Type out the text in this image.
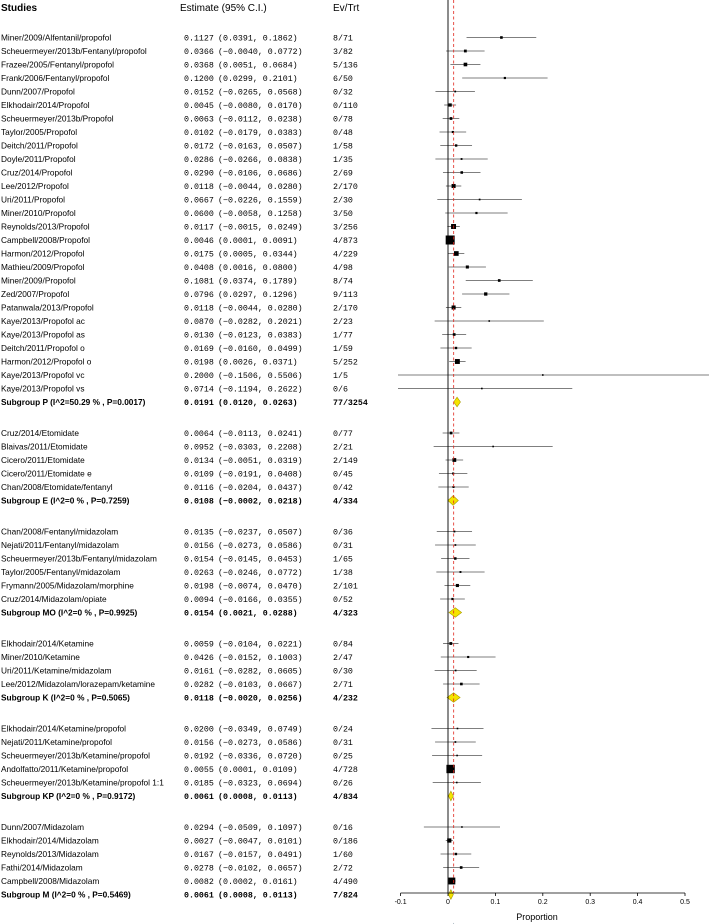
Studies	Estimate (95% C.I.)	Ev/Trt
Miner/2009/Alfentanil/propofol	0.1127 (0.0391, 0.1862)	8/71
Scheuermeyer/2013b/Fentanyl/propofol	0.0366 (−0.0040, 0.0772)	3/82
Frazee/2005/Fentanyl/propofol	0.0368 (0.0051, 0.0684)	5/136
Frank/2006/Fentanyl/propofol	0.1200 (0.0299, 0.2101)	6/50
Dunn/2007/Propofol	0.0152 (−0.0265, 0.0568)	0/32
Elkhodair/2014/Propofol	0.0045 (−0.0080, 0.0170)	0/110
Scheuermeyer/2013b/Propofol	0.0063 (−0.0112, 0.0238)	0/78
Taylor/2005/Propofol	0.0102 (−0.0179, 0.0383)	0/48
Deitch/2011/Propofol	0.0172 (−0.0163, 0.0507)	1/58
Doyle/2011/Propofol	0.0286 (−0.0266, 0.0838)	1/35
Cruz/2014/Propofol	0.0290 (−0.0106, 0.0686)	2/69
Lee/2012/Propofol	0.0118 (−0.0044, 0.0280)	2/170
Uri/2011/Propofol	0.0667 (−0.0226, 0.1559)	2/30
Miner/2010/Propofol	0.0600 (−0.0058, 0.1258)	3/50
Reynolds/2013/Propofol	0.0117 (−0.0015, 0.0249)	3/256
Campbell/2008/Propofol	0.0046 (0.0001, 0.0091)	4/873
Harmon/2012/Propofol	0.0175 (0.0005, 0.0344)	4/229
Mathieu/2009/Propofol	0.0408 (0.0016, 0.0800)	4/98
Miner/2009/Propofol	0.1081 (0.0374, 0.1789)	8/74
Zed/2007/Propofol	0.0796 (0.0297, 0.1296)	9/113
Patanwala/2013/Propofol	0.0118 (−0.0044, 0.0280)	2/170
Kaye/2013/Propofol ac	0.0870 (−0.0282, 0.2021)	2/23
Kaye/2013/Propofol as	0.0130 (−0.0123, 0.0383)	1/77
Deitch/2011/Propofol o	0.0169 (−0.0160, 0.0499)	1/59
Harmon/2012/Propofol o	0.0198 (0.0026, 0.0371)	5/252
Kaye/2013/Propofol vc	0.2000 (−0.1506, 0.5506)	1/5
Kaye/2013/Propofol vs	0.0714 (−0.1194, 0.2622)	0/6
Subgroup P (I^2=50.29 % , P=0.0017)	0.0191 (0.0120, 0.0263)	77/3254
Cruz/2014/Etomidate	0.0064 (−0.0113, 0.0241)	0/77
Blaivas/2011/Etomidate	0.0952 (−0.0303, 0.2208)	2/21
Cicero/2011/Etomidate	0.0134 (−0.0051, 0.0319)	2/149
Cicero/2011/Etomidate e	0.0109 (−0.0191, 0.0408)	0/45
Chan/2008/Etomidate/fentanyl	0.0116 (−0.0204, 0.0437)	0/42
Subgroup E (I^2=0 % , P=0.7259)	0.0108 (−0.0002, 0.0218)	4/334
Chan/2008/Fentanyl/midazolam	0.0135 (−0.0237, 0.0507)	0/36
Nejati/2011/Fentanyl/midazolam	0.0156 (−0.0273, 0.0586)	0/31
Scheuermeyer/2013b/Fentanyl/midazolam	0.0154 (−0.0145, 0.0453)	1/65
Taylor/2005/Fentanyl/midazolam	0.0263 (−0.0246, 0.0772)	1/38
Frymann/2005/Midazolam/morphine	0.0198 (−0.0074, 0.0470)	2/101
Cruz/2014/Midazolam/opiate	0.0094 (−0.0166, 0.0355)	0/52
Subgroup MO (I^2=0 % , P=0.9925)	0.0154 (0.0021, 0.0288)	4/323
Elkhodair/2014/Ketamine	0.0059 (−0.0104, 0.0221)	0/84
Miner/2010/Ketamine	0.0426 (−0.0152, 0.1003)	2/47
Uri/2011/Ketamine/midazolam	0.0161 (−0.0282, 0.0605)	0/30
Lee/2012/Midazolam/lorazepam/ketamine	0.0282 (−0.0103, 0.0667)	2/71
Subgroup K (I^2=0 % , P=0.5065)	0.0118 (−0.0020, 0.0256)	4/232
Elkhodair/2014/Ketamine/propofol	0.0200 (−0.0349, 0.0749)	0/24
Nejati/2011/Ketamine/propofol	0.0156 (−0.0273, 0.0586)	0/31
Scheuermeyer/2013b/Ketamine/propofol	0.0192 (−0.0336, 0.0720)	0/25
Andolfatto/2011/Ketamine/propofol	0.0055 (0.0001, 0.0109)	4/728
Scheuermeyer/2013b/Ketamine/propofol 1:1 0.0185 (−0.0323, 0.0694)	0/26
Subgroup KP (I^2=0 % , P=0.9172)	0.0061 (0.0008, 0.0113)	4/834
Dunn/2007/Midazolam	0.0294 (−0.0509, 0.1097)	0/16
Elkhodair/2014/Midazolam	0.0027 (−0.0047, 0.0101)	0/186
Reynolds/2013/Midazolam	0.0167 (−0.0157, 0.0491)	1/60
Fathi/2014/Midazolam	0.0278 (−0.0102, 0.0657)	2/72
Campbell/2008/Midazolam	0.0082 (0.0002, 0.0161)	4/490
Subgroup M (I^2=0 % , P=0.5469)	0.0061 (0.0008, 0.0113)	7/824
-0.1	0	0.1	0.2	0.3	0.4	0.5
Proportion
